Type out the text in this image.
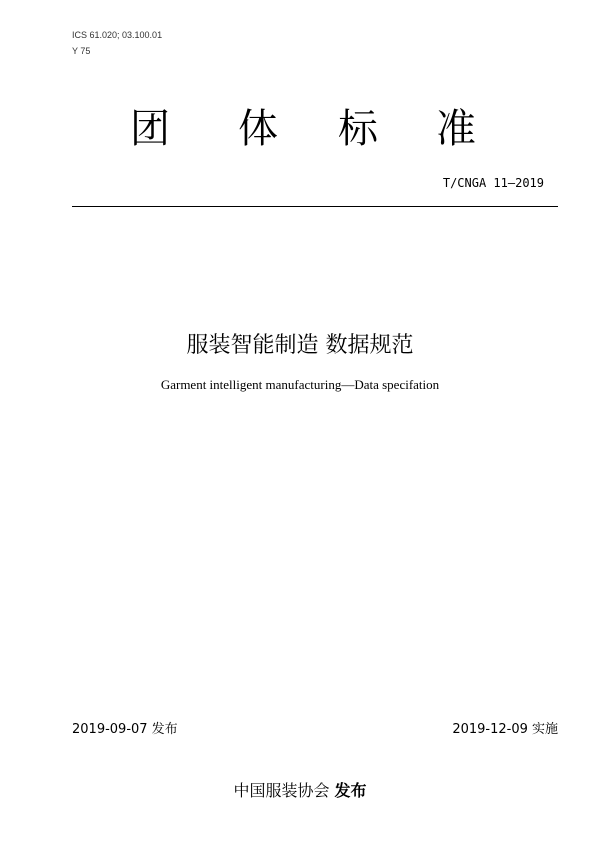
ICS 61.020; 03.100.01
Y 75
团 体 标 准
T/CNGA 11—2019
服装智能制造 数据规范
Garment intelligent manufacturing—Data specifation
2019-09-07 发布	2019-12-09 实施
中国服装协会 发布
